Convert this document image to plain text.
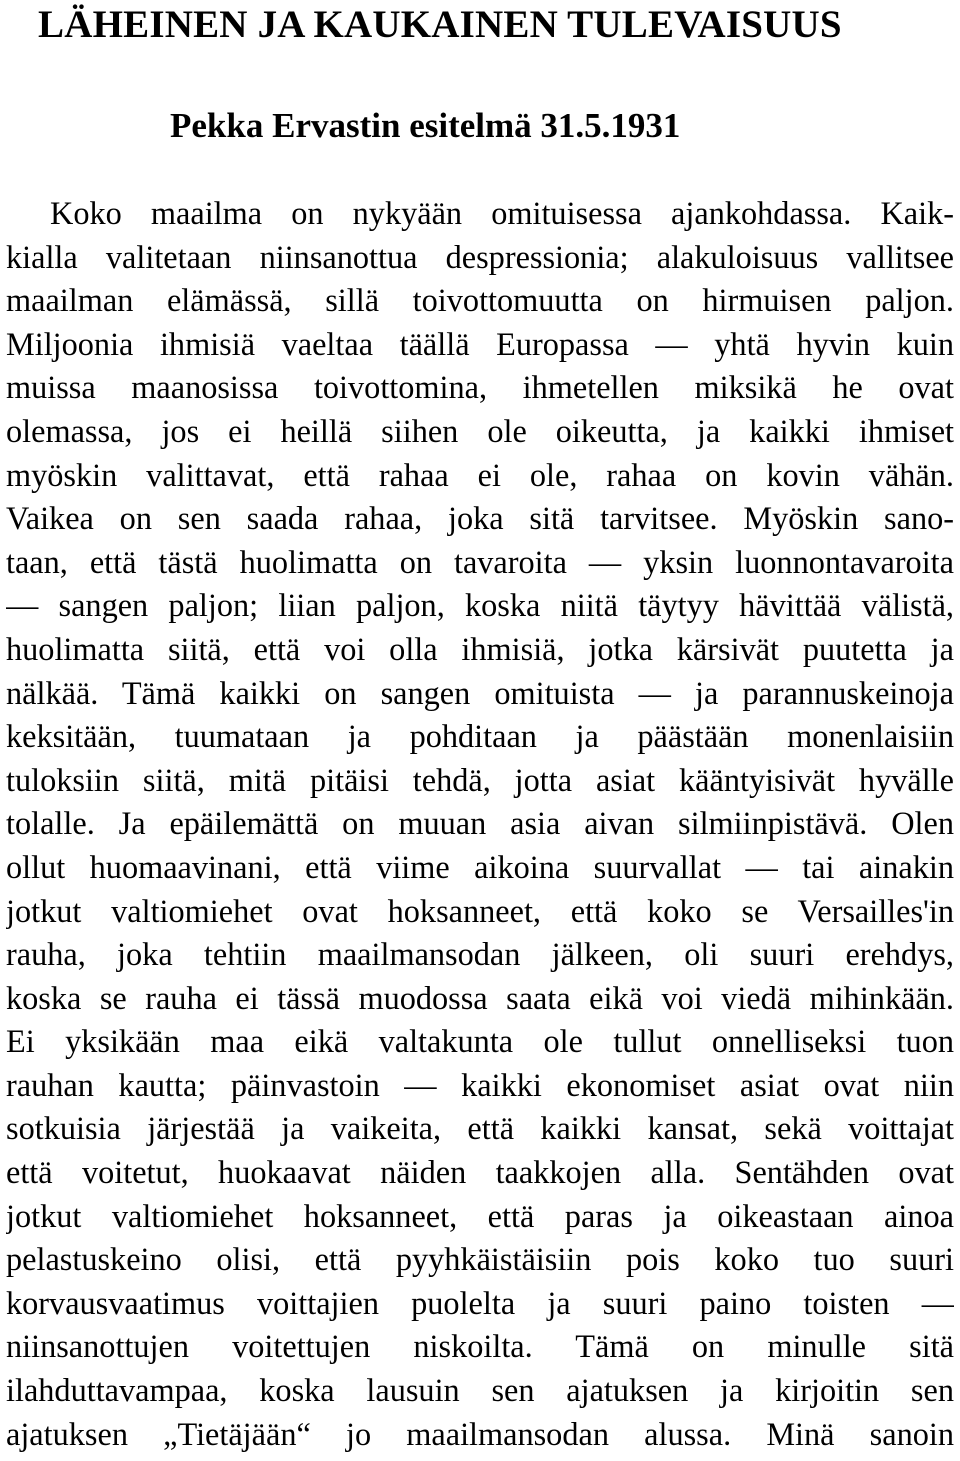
LÄHEINEN JA KAUKAINEN TULEVAISUUS
Pekka Ervastin esitelmä 31.5.1931
Koko maailma on nykyään omituisessa ajankohdassa. Kaik-
kialla valitetaan niinsanottua despressionia; alakuloisuus vallitsee
maailman elämässä, sillä toivottomuutta on hirmuisen paljon.
Miljoonia ihmisiä vaeltaa täällä Europassa ― yhtä hyvin kuin
muissa maanosissa toivottomina, ihmetellen miksikä he ovat
olemassa, jos ei heillä siihen ole oikeutta, ja kaikki ihmiset
myöskin valittavat, että rahaa ei ole, rahaa on kovin vähän.
Vaikea on sen saada rahaa, joka sitä tarvitsee. Myöskin sano-
taan, että tästä huolimatta on tavaroita ― yksin luonnontavaroita
― sangen paljon; liian paljon, koska niitä täytyy hävittää välistä,
huolimatta siitä, että voi olla ihmisiä, jotka kärsivät puutetta ja
nälkää. Tämä kaikki on sangen omituista ― ja parannuskeinoja
keksitään, tuumataan ja pohditaan ja päästään monenlaisiin
tuloksiin siitä, mitä pitäisi tehdä, jotta asiat kääntyisivät hyvälle
tolalle. Ja epäilemättä on muuan asia aivan silmiinpistävä. Olen
ollut huomaavinani, että viime aikoina suurvallat ― tai ainakin
jotkut valtiomiehet ovat hoksanneet, että koko se Versailles'in
rauha, joka tehtiin maailmansodan jälkeen, oli suuri erehdys,
koska se rauha ei tässä muodossa saata eikä voi viedä mihinkään.
Ei yksikään maa eikä valtakunta ole tullut onnelliseksi tuon
rauhan kautta; päinvastoin ― kaikki ekonomiset asiat ovat niin
sotkuisia järjestää ja vaikeita, että kaikki kansat, sekä voittajat
että voitetut, huokaavat näiden taakkojen alla. Sentähden ovat
jotkut valtiomiehet hoksanneet, että paras ja oikeastaan ainoa
pelastuskeino olisi, että pyyhkäistäisiin pois koko tuo suuri
korvausvaatimus voittajien puolelta ja suuri paino toisten ―
niinsanottujen voitettujen niskoilta. Tämä on minulle sitä
ilahduttavampaa, koska lausuin sen ajatuksen ja kirjoitin sen
ajatuksen „Tietäjään“ jo maailmansodan alussa. Minä sanoin
